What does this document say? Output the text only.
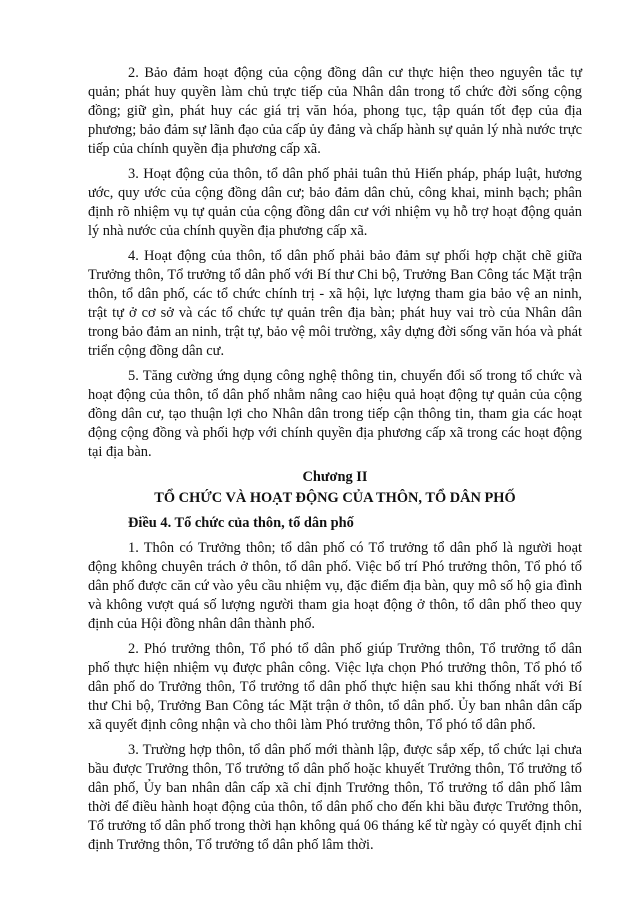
2. Bảo đảm hoạt động của cộng đồng dân cư thực hiện theo nguyên tắc tự quản; phát huy quyền làm chủ trực tiếp của Nhân dân trong tổ chức đời sống cộng đồng; giữ gìn, phát huy các giá trị văn hóa, phong tục, tập quán tốt đẹp của địa phương; bảo đảm sự lãnh đạo của cấp ủy đảng và chấp hành sự quản lý nhà nước trực tiếp của chính quyền địa phương cấp xã.

3. Hoạt động của thôn, tổ dân phố phải tuân thủ Hiến pháp, pháp luật, hương ước, quy ước của cộng đồng dân cư; bảo đảm dân chủ, công khai, minh bạch; phân định rõ nhiệm vụ tự quản của cộng đồng dân cư với nhiệm vụ hỗ trợ hoạt động quản lý nhà nước của chính quyền địa phương cấp xã.

4. Hoạt động của thôn, tổ dân phố phải bảo đảm sự phối hợp chặt chẽ giữa Trưởng thôn, Tổ trưởng tổ dân phố với Bí thư Chi bộ, Trưởng Ban Công tác Mặt trận thôn, tổ dân phố, các tổ chức chính trị - xã hội, lực lượng tham gia bảo vệ an ninh, trật tự ở cơ sở và các tổ chức tự quản trên địa bàn; phát huy vai trò của Nhân dân trong bảo đảm an ninh, trật tự, bảo vệ môi trường, xây dựng đời sống văn hóa và phát triển cộng đồng dân cư.

5. Tăng cường ứng dụng công nghệ thông tin, chuyển đổi số trong tổ chức và hoạt động của thôn, tổ dân phố nhằm nâng cao hiệu quả hoạt động tự quản của cộng đồng dân cư, tạo thuận lợi cho Nhân dân trong tiếp cận thông tin, tham gia các hoạt động cộng đồng và phối hợp với chính quyền địa phương cấp xã trong các hoạt động tại địa bàn.

Chương II
TỔ CHỨC VÀ HOẠT ĐỘNG CỦA THÔN, TỔ DÂN PHỐ
Điều 4. Tổ chức của thôn, tổ dân phố

1. Thôn có Trưởng thôn; tổ dân phố có Tổ trưởng tổ dân phố là người hoạt động không chuyên trách ở thôn, tổ dân phố. Việc bố trí Phó trưởng thôn, Tổ phó tổ dân phố được căn cứ vào yêu cầu nhiệm vụ, đặc điểm địa bàn, quy mô số hộ gia đình và không vượt quá số lượng người tham gia hoạt động ở thôn, tổ dân phố theo quy định của Hội đồng nhân dân thành phố.

2. Phó trưởng thôn, Tổ phó tổ dân phố giúp Trưởng thôn, Tổ trưởng tổ dân phố thực hiện nhiệm vụ được phân công. Việc lựa chọn Phó trưởng thôn, Tổ phó tổ dân phố do Trưởng thôn, Tổ trưởng tổ dân phố thực hiện sau khi thống nhất với Bí thư Chi bộ, Trưởng Ban Công tác Mặt trận ở thôn, tổ dân phố. Ủy ban nhân dân cấp xã quyết định công nhận và cho thôi làm Phó trưởng thôn, Tổ phó tổ dân phố.

3. Trường hợp thôn, tổ dân phố mới thành lập, được sắp xếp, tổ chức lại chưa bầu được Trưởng thôn, Tổ trưởng tổ dân phố hoặc khuyết Trưởng thôn, Tổ trưởng tổ dân phố, Ủy ban nhân dân cấp xã chỉ định Trưởng thôn, Tổ trưởng tổ dân phố lâm thời để điều hành hoạt động của thôn, tổ dân phố cho đến khi bầu được Trưởng thôn, Tổ trưởng tổ dân phố trong thời hạn không quá 06 tháng kể từ ngày có quyết định chỉ định Trưởng thôn, Tổ trưởng tổ dân phố lâm thời.
